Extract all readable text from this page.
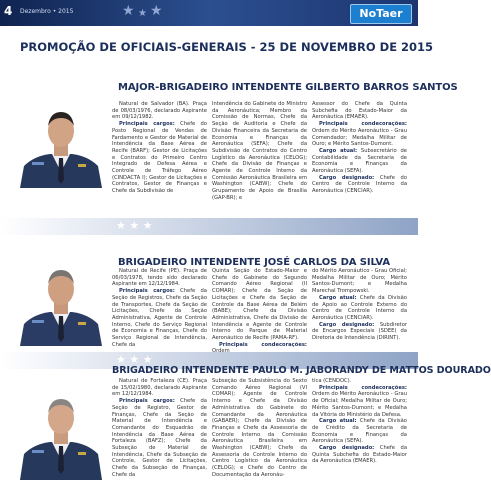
4 Dezembro • 2015	★ ★ ★	NoTaer
PROMOÇÃO DE OFICIAIS-GENERAIS - 25 DE NOVEMBRO DE 2015
MAJOR-BRIGADEIRO INTENDENTE GILBERTO BARROS SANTOS

Natural de Salvador (BA). Praça de 08/03/1976, declarado Aspirante em 09/12/1982.

Principais cargos: Chefe do Posto Regional de Vendas de Fardamento e Gestor de Material de Intendência da Base Aérea de Recife (BARF); Gestor de Licitações e Contratos do Primeiro Centro Integrado de Defesa Aérea e Controle de Tráfego Aéreo (CINDACTA I); Gestor de Licitações e Contratos, Gestor de Finanças e Chefe da Subdivisão de

Intendência do Gabinete do Ministro da Aeronáutica; Membro da Comissão de Normas, Chefe da Seção de Auditoria e Chefe da Divisão Financeira da Secretaria de Economia e Finanças da Aeronáutica (SEFA); Chefe da Subdivisão de Contratos do Centro Logístico da Aeronáutica (CELOG); Chefe da Divisão de Finanças e Agente de Controle Interno da Comissão Aeronáutica Brasileira em Washington (CABW); Chefe do Grupamento de Apoio de Brasília (GAP-BR); e

Assessor do Chefe da Quinta Subchefia do Estado-Maior da Aeronáutica (EMAER).

Principais condecorações: Ordem do Mérito Aeronáutico - Grau Comendador; Medalha Militar de Ouro; e Mérito Santos-Dumont.

Cargo atual: Subsecretário de Contabilidade da Secretaria de Economia e Finanças da Aeronáutica (SEFA).

Cargo designado: Chefe do Centro de Controle Interno da Aeronáutica (CENCIAR).

★ ★ ★
BRIGADEIRO INTENDENTE JOSÉ CARLOS DA SILVA

Natural de Recife (PE). Praça de 06/03/1978, tendo sido declarado Aspirante em 12/12/1984.

Principais cargos: Chefe da Seção de Registros, Chefe da Seção de Transportes, Chefe da Seção de Licitações, Chefe da Seção Administrativa, Agente de Controle Interno, Chefe do Serviço Regional de Economia e Finanças, Chefe do Serviço Regional de Intendência, Chefe da

Quinta Seção do Estado-Maior e Chefe do Gabinete do Segundo Comando Aéreo Regional (II COMAR); Chefe da Seção de Licitações e Chefe da Seção de Controle da Base Aérea de Belém (BABE); Chefe da Divisão Administrativa, Chefe da Divisão de Intendência e Agente de Controle Interno do Parque de Material Aeronáutico de Recife (PAMA-RF).

Principais condecorações:

do Mérito Aeronáutico - Grau Oficial; Medalha Militar de Ouro; Mérito Santos-Dumont; e Medalha Marechal Trompowski.

Cargo atual: Chefe da Divisão de Apoio ao Controle Externo do Centro de Controle Interno da Aeronáutica (CENCIAR).

Cargo designado: Subdiretor de Encargos Especiais (SDEE) da Diretoria de Intendência (DIRINT).

★ ★ ★
BRIGADEIRO INTENDENTE PAULO M. JABORANDY DE MATTOS DOURADO

Natural de Fortaleza (CE). Praça de 15/02/1980, declarado Aspirante em 12/12/1984.

Principais cargos: Chefe da Seção de Registro, Gestor de Finanças, Chefe da Seção de Material de Intendência e Comandante do Esquadrão de Intendência da Base Aérea de Fortaleza (BAFZ); Chefe da Subseção de Material de Intendência, Chefe da Subseção de Controle, Gestor de Licitações, Chefe da Subseção de Finanças, Chefe da

Subseção de Subsistência do Sexto Comando Aéreo Regional (VI COMAR); Agente de Controle Interno e Chefe da Divisão Administrativa do Gabinete do Comandante da Aeronáutica (GABAER); Chefe da Divisão de Finanças e Chefe da Assessoria de Controle Interno da Comissão Aeronáutica Brasileira em Washington (CABW); Chefe da Assessoria de Controle Interno do Centro Logístico da Aeronáutica (CELOG); e Chefe do Centro de Documentação da Aeronáu-

tica (CENDOC).

Principais condecorações: Ordem do Mérito Aeronáutico - Grau de Oficial; Medalha Militar de Ouro; Mérito Santos-Dumont; e Medalha da Vitória do Ministério da Defesa.

Cargo atual: Chefe da Divisão de Crédito da Secretaria de Economia e Finanças da Aeronáutica (SEFA).

Cargo designado: Chefe da Quinta Subchefia do Estado-Maior da Aeronáutica (EMAER).
